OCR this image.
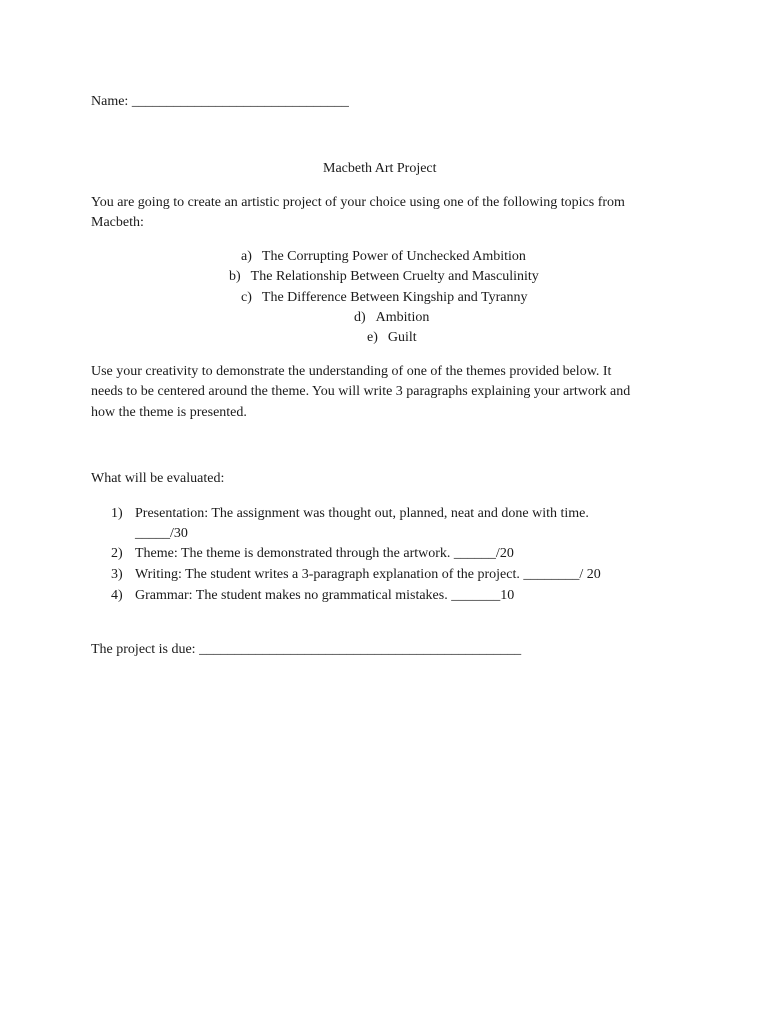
Name: _______________________________
Macbeth Art Project
You are going to create an artistic project of your choice using one of the following topics from
Macbeth:
a) The Corrupting Power of Unchecked Ambition
b) The Relationship Between Cruelty and Masculinity
c) The Difference Between Kingship and Tyranny
d) Ambition
e) Guilt
Use your creativity to demonstrate the understanding of one of the themes provided below. It
needs to be centered around the theme. You will write 3 paragraphs explaining your artwork and
how the theme is presented.
What will be evaluated:
1) Presentation: The assignment was thought out, planned, neat and done with time.
_____/30
2) Theme: The theme is demonstrated through the artwork. ______/20
3) Writing: The student writes a 3-paragraph explanation of the project. ________/ 20
4) Grammar: The student makes no grammatical mistakes. _______10
The project is due: ______________________________________________
